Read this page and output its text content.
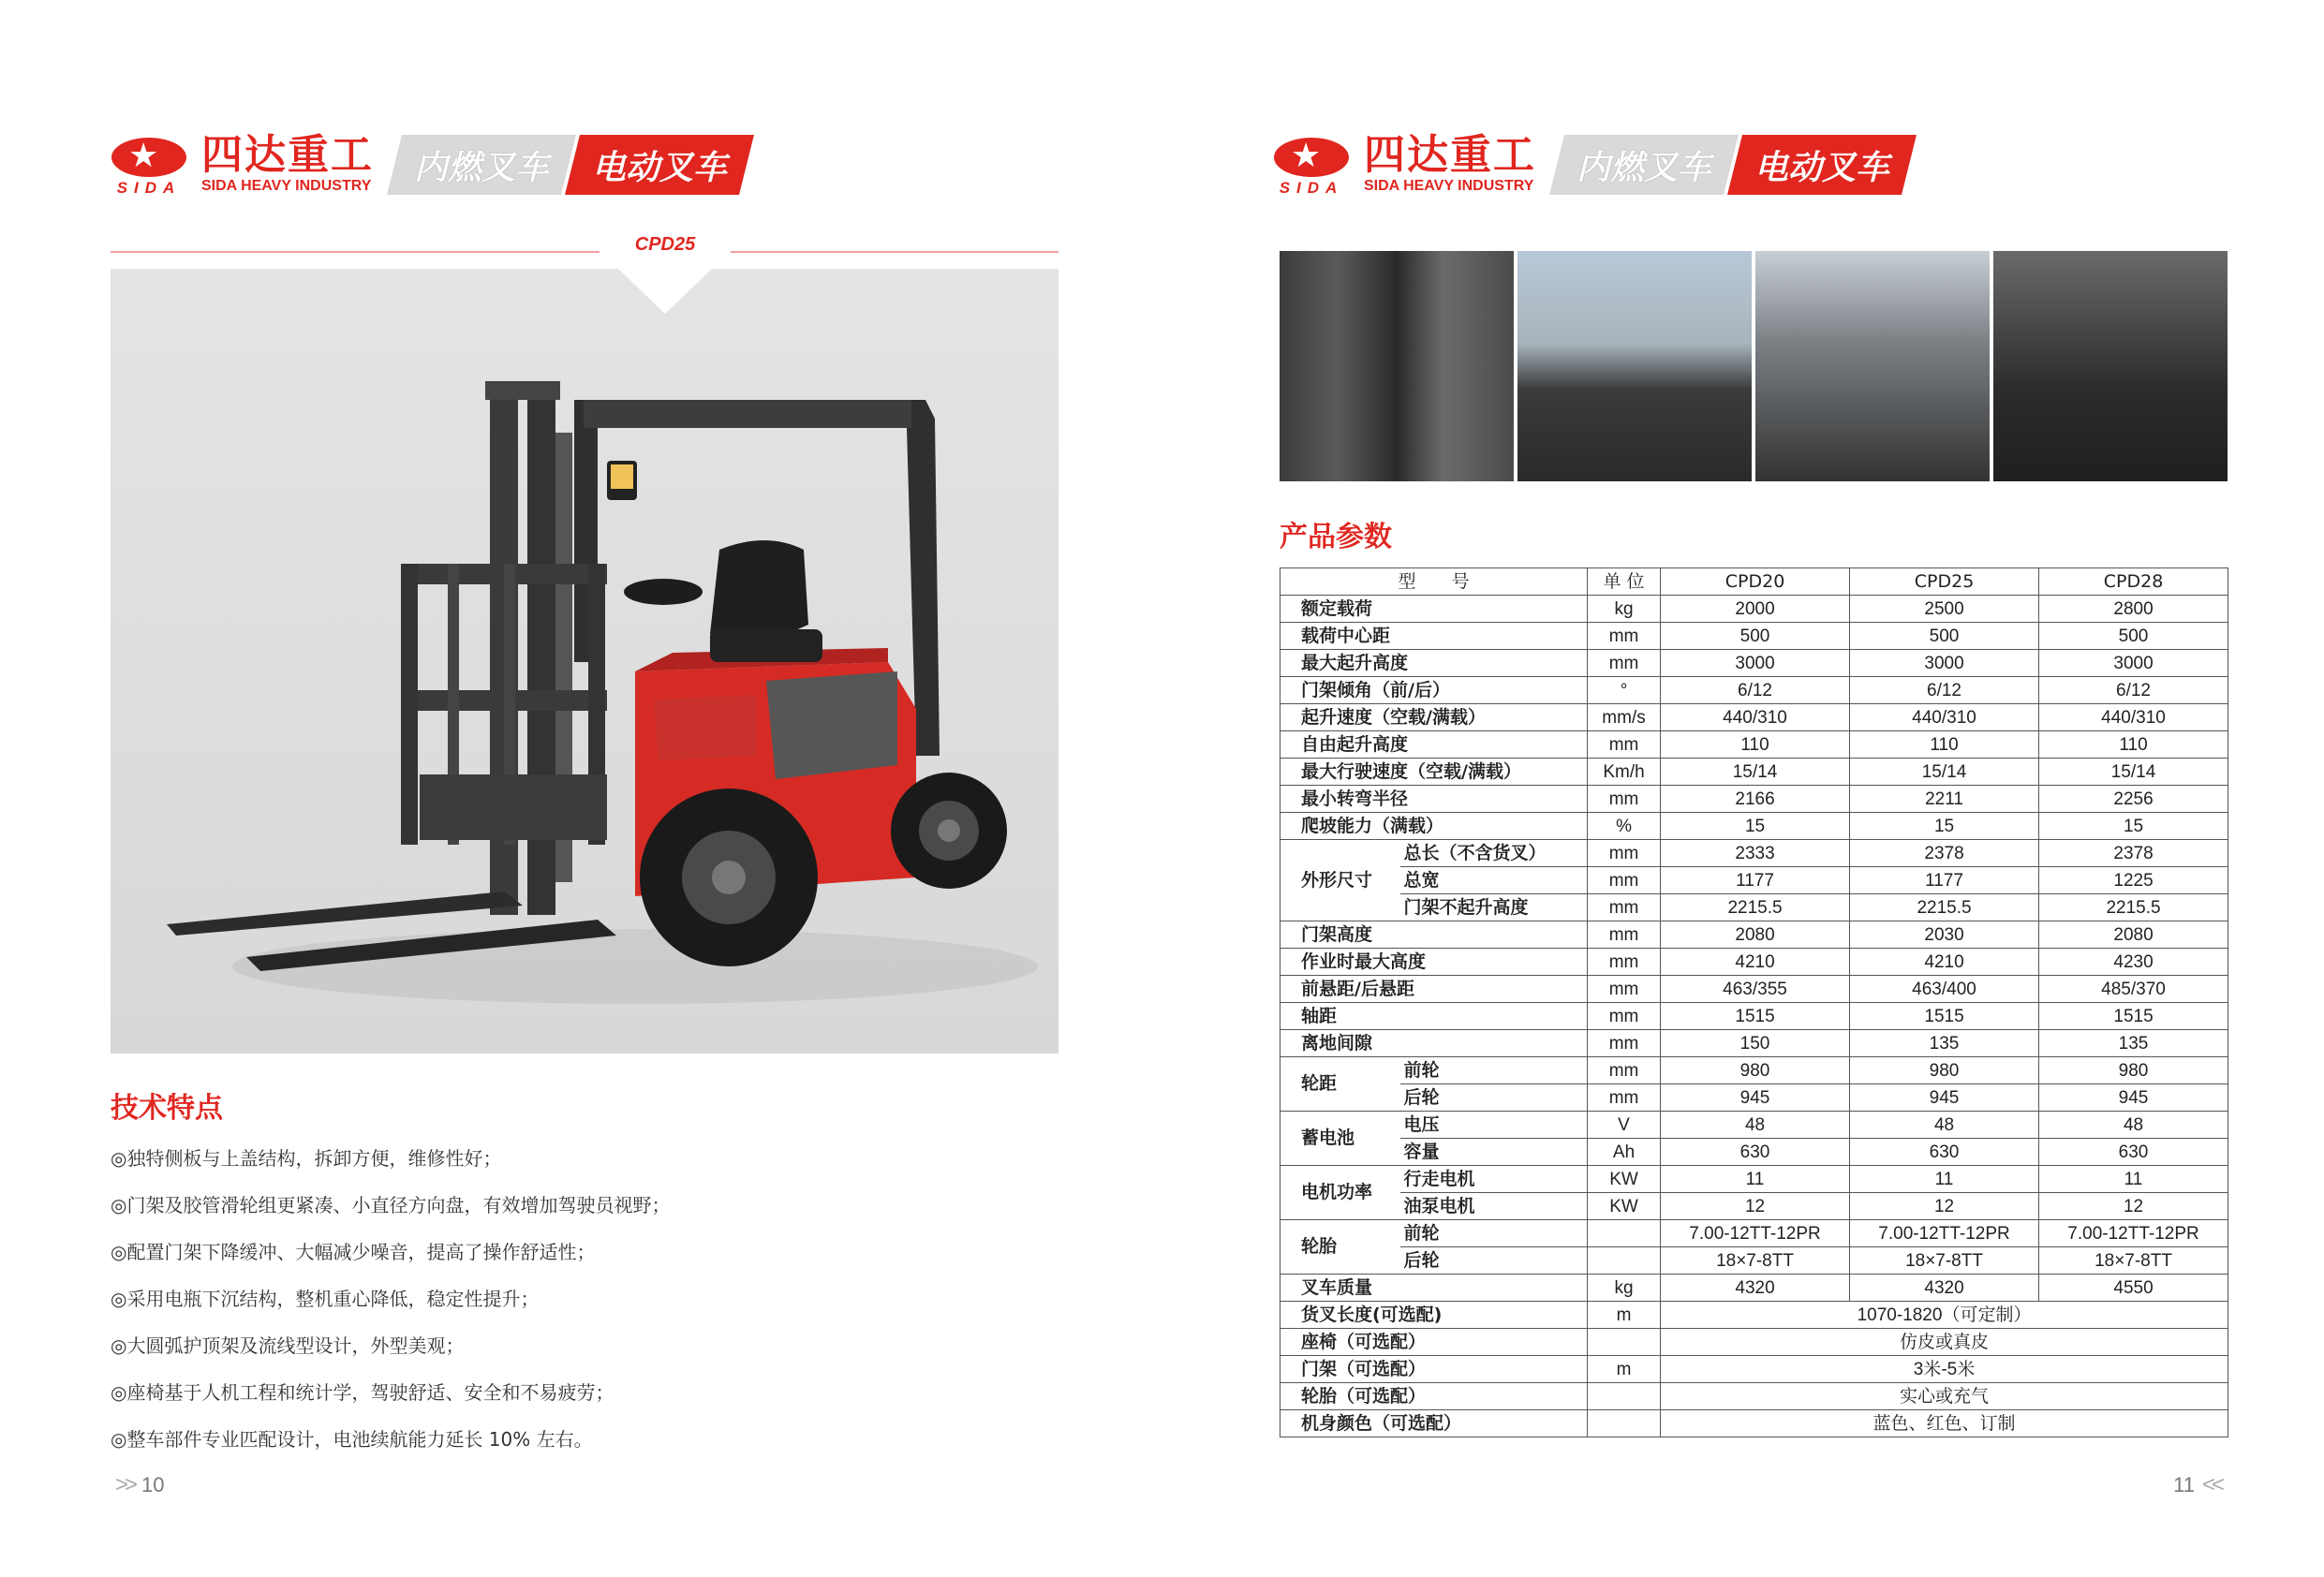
★
SIDA
四达重工
SIDA HEAVY INDUSTRY 内燃叉车 电动叉车
CPD25
技术特点
◎独特侧板与上盖结构，拆卸方便，维修性好；
◎门架及胶管滑轮组更紧凑、小直径方向盘，有效增加驾驶员视野；
◎配置门架下降缓冲、大幅减少噪音，提高了操作舒适性；
◎采用电瓶下沉结构，整机重心降低，稳定性提升；
◎大圆弧护顶架及流线型设计，外型美观；
◎座椅基于人机工程和统计学，驾驶舒适、安全和不易疲劳；
◎整车部件专业匹配设计，电池续航能力延长 10% 左右。
>> 10
★
SIDA
四达重工
SIDA HEAVY INDUSTRY 内燃叉车 电动叉车
产品参数
型　　号		单 位	CPD20	CPD25	CPD28
额定载荷		kg	2000	2500	2800
载荷中心距		mm	500	500	500
最大起升高度		mm	3000	3000	3000
门架倾角（前/后）		°	6/12	6/12	6/12
起升速度（空载/满载）		mm/s	440/310	440/310	440/310
自由起升高度		mm	110	110	110
最大行驶速度（空载/满载）		Km/h	15/14	15/14	15/14
最小转弯半径		mm	2166	2211	2256
爬坡能力（满载）		%	15	15	15
外形尺寸	总长（不含货叉）	mm	2333	2378	2378
	总宽	mm	1177	1177	1225
	门架不起升高度	mm	2215.5	2215.5	2215.5
门架高度		mm	2080	2030	2080
作业时最大高度		mm	4210	4210	4230
前悬距/后悬距		mm	463/355	463/400	485/370
轴距		mm	1515	1515	1515
离地间隙		mm	150	135	135
轮距	前轮	mm	980	980	980
	后轮	mm	945	945	945
蓄电池	电压	V	48	48	48
	容量	Ah	630	630	630
电机功率	行走电机	KW	11	11	11
	油泵电机	KW	12	12	12
轮胎	前轮		7.00-12TT-12PR	7.00-12TT-12PR	7.00-12TT-12PR
	后轮		18×7-8TT	18×7-8TT	18×7-8TT
叉车质量		kg	4320	4320	4550
货叉长度(可选配)		m	1070-1820（可定制）		
座椅（可选配）			仿皮或真皮		
门架（可选配）		m	3米-5米		
轮胎（可选配）			实心或充气		
机身颜色（可选配）			蓝色、红色、订制		
11 <<
